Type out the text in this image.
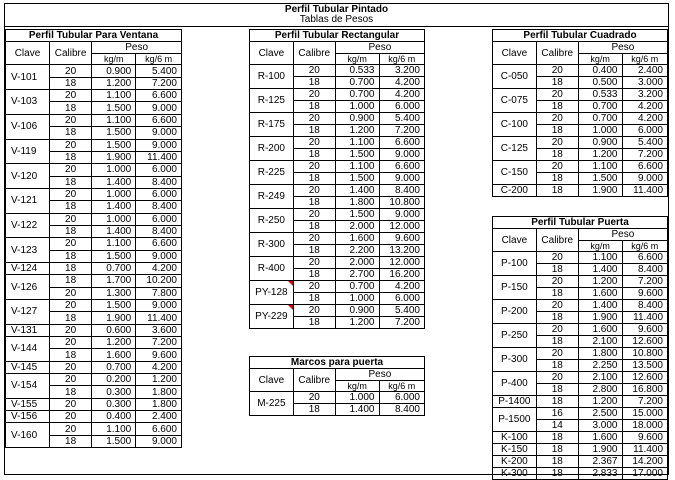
Perfil Tubular Pintado
Tablas de Pesos
Perfil Tubular Para Ventana
Clave	Calibre	Peso	
		kg/m	kg/6 m
V-101	20	0.900	5.400
	18	1.200	7.200
V-103	20	1.100	6.600
	18	1.500	9.000
V-106	20	1.100	6.600
	18	1.500	9.000
V-119	20	1.500	9.000
	18	1.900	11.400
V-120	20	1.000	6.000
	18	1.400	8.400
V-121	20	1.000	6.000
	18	1.400	8.400
V-122	20	1.000	6.000
	18	1.400	8.400
V-123	20	1.100	6.600
	18	1.500	9.000
V-124	18	0.700	4.200
V-126	18	1.700	10.200
	20	1.300	7.800
V-127	20	1.500	9.000
	18	1.900	11.400
V-131	20	0.600	3.600
V-144	20	1.200	7.200
	18	1.600	9.600
V-145	20	0.700	4.200
V-154	20	0.200	1.200
	18	0.300	1.800
V-155	20	0.300	1.800
V-156	20	0.400	2.400
V-160	20	1.100	6.600
	18	1.500	9.000
Perfil Tubular Rectangular
Clave	Calibre	Peso	
		kg/m	kg/6 m
R-100	20	0.533	3.200
	18	0.700	4.200
R-125	20	0.700	4.200
	18	1.000	6.000
R-175	20	0.900	5.400
	18	1.200	7.200
R-200	20	1.100	6.600
	18	1.500	9.000
R-225	20	1.100	6.600
	18	1.500	9.000
R-249	20	1.400	8.400
	18	1.800	10.800
R-250	20	1.500	9.000
	18	2.000	12.000
R-300	20	1.600	9.600
	18	2.200	13.200
R-400	20	2.000	12.000
	18	2.700	16.200
PY-128	20	0.700	4.200
	18	1.000	6.000
PY-229	20	0.900	5.400
	18	1.200	7.200
Perfil Tubular Cuadrado
Clave	Calibre	Peso	
		kg/m	kg/6 m
C-050	20	0.400	2.400
	18	0.500	3.000
C-075	20	0.533	3.200
	18	0.700	4.200
C-100	20	0.700	4.200
	18	1.000	6.000
C-125	20	0.900	5.400
	18	1.200	7.200
C-150	20	1.100	6.600
	18	1.500	9.000
C-200	18	1.900	11.400
Perfil Tubular Puerta
Clave	Calibre	Peso	
		kg/m	kg/6 m
P-100	20	1.100	6.600
	18	1.400	8.400
P-150	20	1.200	7.200
	18	1.600	9.600
P-200	20	1.400	8.400
	18	1.900	11.400
P-250	20	1.600	9.600
	18	2.100	12.600
P-300	20	1.800	10.800
	18	2.250	13.500
P-400	20	2.100	12.600
	18	2.800	16.800
P-1400	18	1.200	7.200
P-1500	16	2.500	15.000
	14	3.000	18.000
K-100	18	1.600	9.600
K-150	18	1.900	11.400
K-200	18	2.367	14.200
K-300	18	2.833	17.000
Marcos para puerta
Clave	Calibre	Peso	
		kg/m	kg/6 m
M-225	20	1.000	6.000
	18	1.400	8.400
